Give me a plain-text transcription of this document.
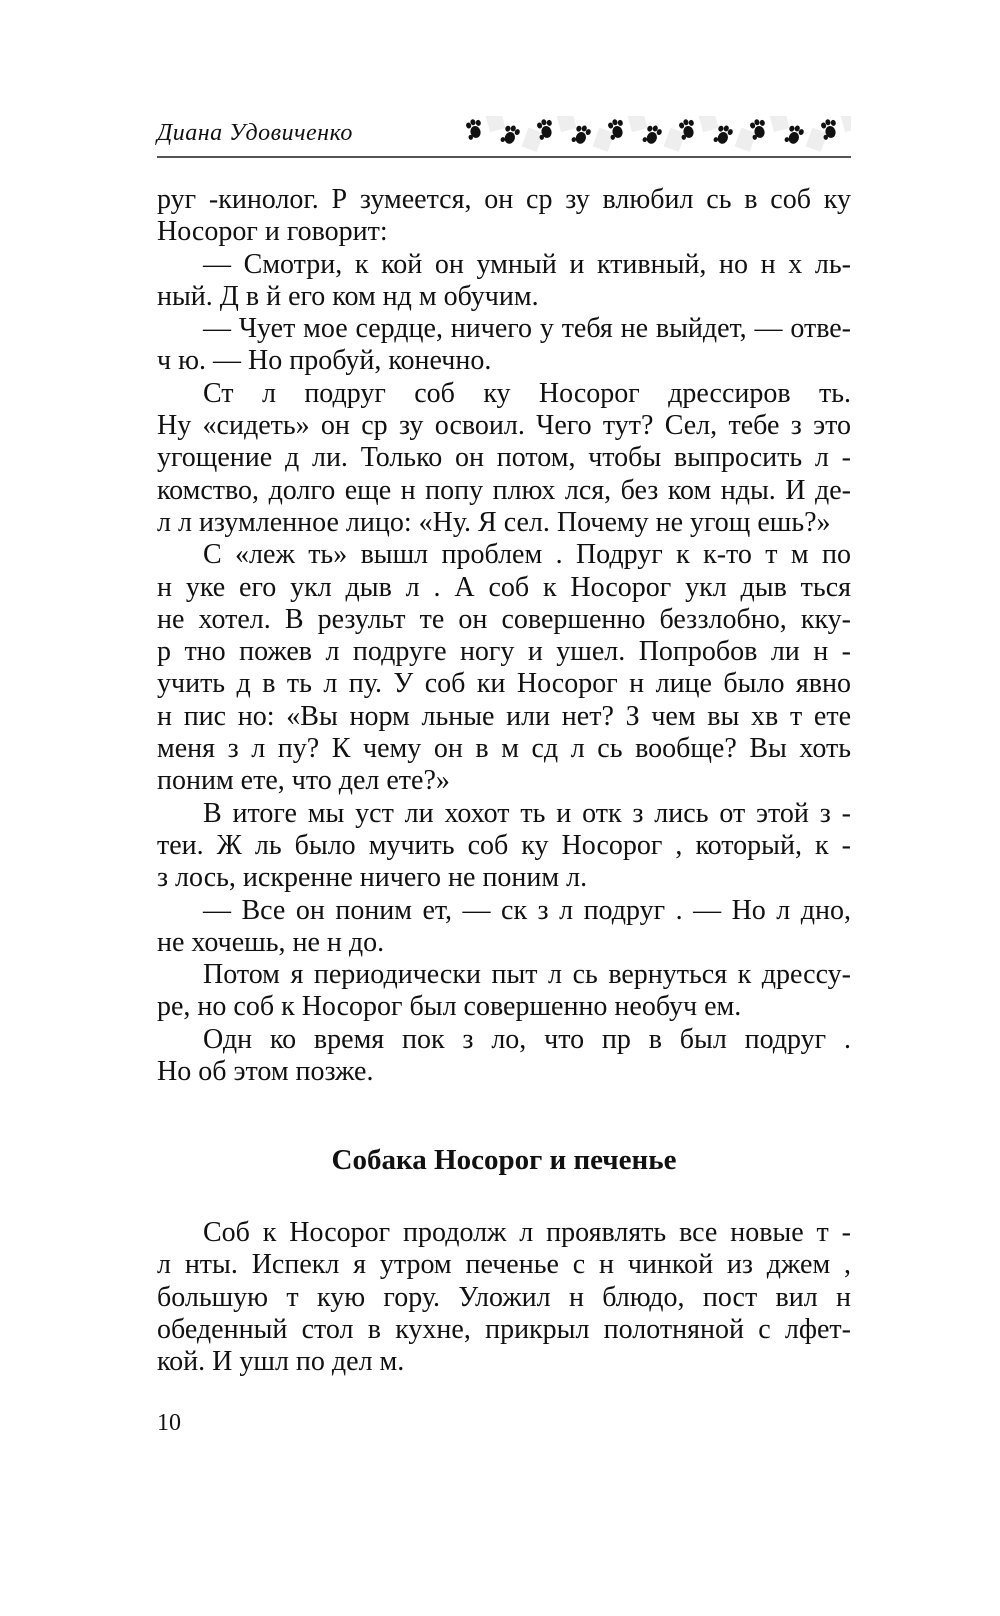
Диана Удовиченко
руг -кинолог. Р зумеется, он ср зу влюбил сь в соб ку
Носорог и говорит:
— Смотри, к кой он умный и ктивный, но н х ль-
ный. Д в й его ком нд м обучим.
— Чует мое сердце, ничего у тебя не выйдет, — отве-
ч ю. — Но пробуй, конечно.
Ст л подруг соб ку Носорог дрессиров ть.
Ну «сидеть» он ср зу освоил. Чего тут? Сел, тебе з это
угощение д ли. Только он потом, чтобы выпросить л -
комство, долго еще н попу плюх лся, без ком нды. И де-
л л изумленное лицо: «Ну. Я сел. Почему не угощ ешь?»
С «леж ть» вышл проблем . Подруг к к-то т м по
н уке его укл дыв л . А соб к Носорог укл дыв ться
не хотел. В результ те он совершенно беззлобно, кку-
р тно пожев л подруге ногу и ушел. Попробов ли н -
учить д в ть л пу. У соб ки Носорог н лице было явно
н пис но: «Вы норм льные или нет? З чем вы хв т ете
меня з л пу? К чему он в м сд л сь вообще? Вы хоть
поним ете, что дел ете?»
В итоге мы уст ли хохот ть и отк з лись от этой з -
теи. Ж ль было мучить соб ку Носорог , который, к -
з лось, искренне ничего не поним л.
— Все он поним ет, — ск з л подруг . — Но л дно,
не хочешь, не н до.
Потом я периодически пыт л сь вернуться к дрессу-
ре, но соб к Носорог был совершенно необуч ем.
Одн ко время пок з ло, что пр в был подруг .
Но об этом позже.
Собака Носорог и печенье
Соб к Носорог продолж л проявлять все новые т -
л нты. Испекл я утром печенье с н чинкой из джем ,
большую т кую гору. Уложил н блюдо, пост вил н
обеденный стол в кухне, прикрыл полотняной с лфет-
кой. И ушл по дел м.
10
